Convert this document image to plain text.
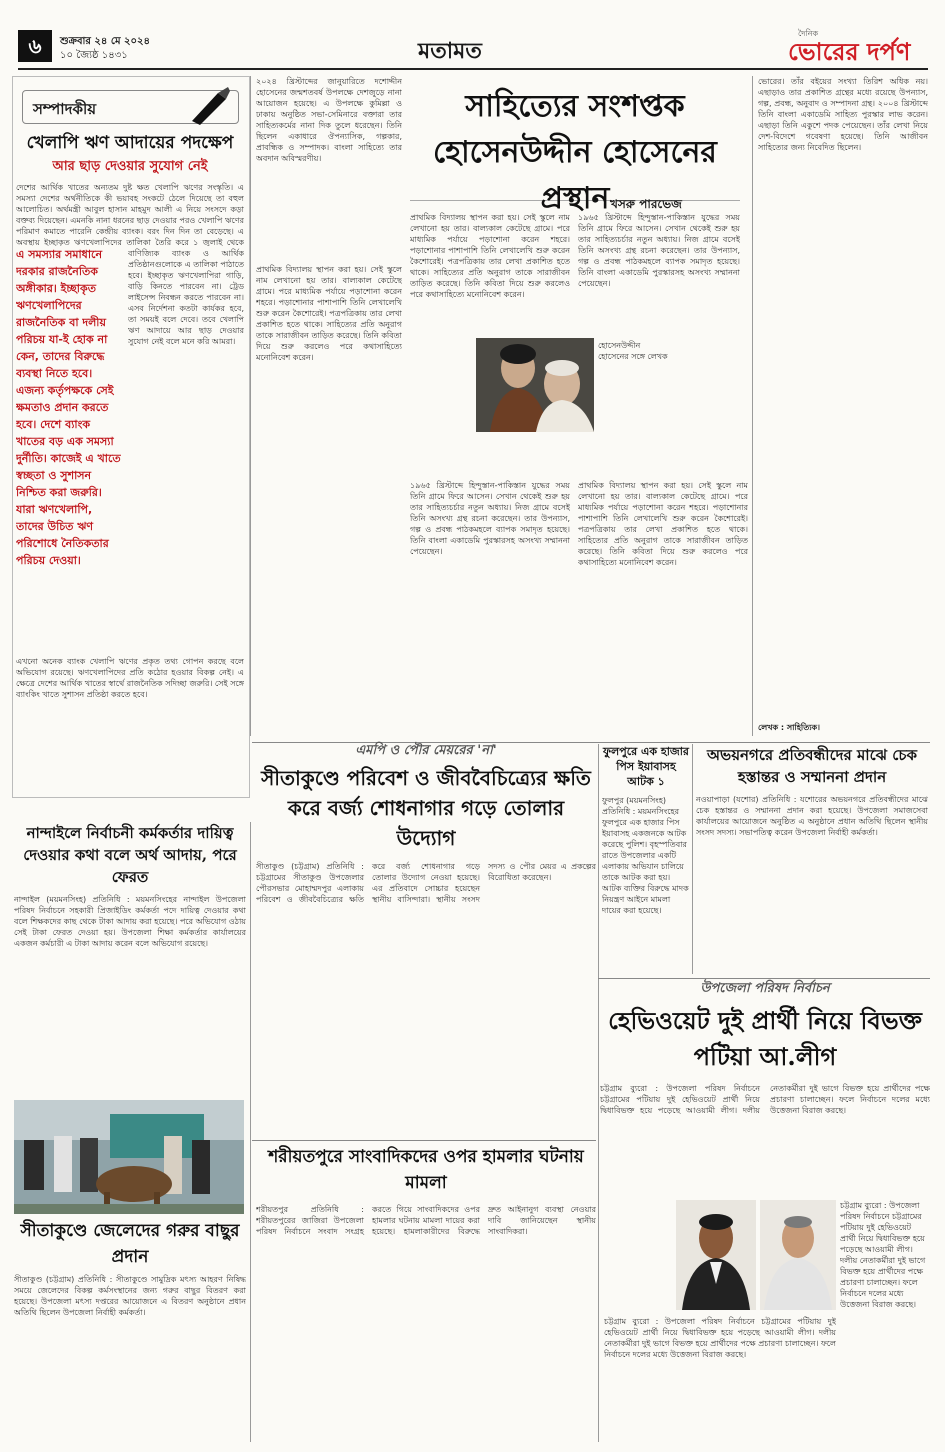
৬	শুক্রবার ২৪ মে ২০২৪
১০ জ্যৈষ্ঠ ১৪৩১	মতামত
দৈনিক
ভোরের দর্পণ
সম্পাদকীয়
খেলাপি ঋণ আদায়ের পদক্ষেপ
আর ছাড় দেওয়ার সুযোগ নেই
দেশের আর্থিক খাতের অন্যতম দুষ্ট ক্ষত খেলাপি ঋণের সংস্কৃতি। এ সমস্যা দেশের অর্থনীতিকে কী ভয়াবহ সংকটে ঠেলে দিয়েছে তা বহুল আলোচিত। অর্থমন্ত্রী আবুল হাসান মাহমুদ আলী এ নিয়ে সংসদে কড়া বক্তব্য দিয়েছেন। এমনকি নানা ধরনের ছাড় দেওয়ার পরও খেলাপি ঋণের পরিমাণ কমাতে পারেনি কেন্দ্রীয় ব্যাংক। বরং দিন দিন তা বেড়েছে। এ অবস্থায় ইচ্ছাকৃত ঋণখেলাপিদের তালিকা তৈরি করে ১ জুলাই থেকে
এ সমস্যার সমাধানে দরকার রাজনৈতিক অঙ্গীকার। ইচ্ছাকৃত ঋণখেলাপিদের রাজনৈতিক বা দলীয় পরিচয় যা-ই হোক না কেন, তাদের বিরুদ্ধে ব্যবস্থা নিতে হবে। এজন্য কর্তৃপক্ষকে সেই ক্ষমতাও প্রদান করতে হবে। দেশে ব্যাংক খাতের বড় এক সমস্যা দুর্নীতি। কাজেই এ খাতে স্বচ্ছতা ও সুশাসন নিশ্চিত করা জরুরি। যারা ঋণখেলাপি, তাদের উচিত ঋণ পরিশোধে নৈতিকতার পরিচয় দেওয়া।
বাণিজ্যিক ব্যাংক ও আর্থিক প্রতিষ্ঠানগুলোকে এ তালিকা পাঠাতে হবে। ইচ্ছাকৃত ঋণখেলাপিরা গাড়ি, বাড়ি কিনতে পারবেন না। ট্রেড লাইসেন্স নিবন্ধন করতে পারবেন না। এসব নির্দেশনা কতটা কার্যকর হবে, তা সময়ই বলে দেবে। তবে খেলাপি ঋণ আদায়ে আর ছাড় দেওয়ার সুযোগ নেই বলে মনে করি আমরা।
এখনো অনেক ব্যাংক খেলাপি ঋণের প্রকৃত তথ্য গোপন করছে বলে অভিযোগ রয়েছে। ঋণখেলাপিদের প্রতি কঠোর হওয়ার বিকল্প নেই। এ ক্ষেত্রে দেশের আর্থিক খাতের স্বার্থে রাজনৈতিক সদিচ্ছা জরুরি। সেই সঙ্গে ব্যাংকিং খাতে সুশাসন প্রতিষ্ঠা করতে হবে।
২০২৪ খ্রিস্টাব্দের জানুয়ারিতে দশোদ্দীন হোসেনের জন্মশতবর্ষ উপলক্ষে দেশজুড়ে নানা আয়োজন হয়েছে। এ উপলক্ষে কুমিল্লা ও ঢাকায় অনুষ্ঠিত সভা-সেমিনারে বক্তারা তার সাহিত্যকর্মের নানা দিক তুলে ধরেছেন। তিনি ছিলেন একাধারে ঔপন্যাসিক, গল্পকার, প্রাবন্ধিক ও সম্পাদক। বাংলা সাহিত্যে তার অবদান অবিস্মরণীয়।
সাহিত্যের সংশপ্তক হোসেনউদ্দীন হোসেনের প্রস্থান খসরু পারভেজ
প্রাথমিক বিদ্যালয় স্থাপন করা হয়। সেই স্কুলে নাম লেখানো হয় তার। বাল্যকাল কেটেছে গ্রামে। পরে মাধ্যমিক পর্যায়ে পড়াশোনা করেন শহরে। পড়াশোনার পাশাপাশি তিনি লেখালেখি শুরু করেন কৈশোরেই। পত্রপত্রিকায় তার লেখা প্রকাশিত হতে থাকে। সাহিত্যের প্রতি অনুরাগ তাকে সারাজীবন তাড়িত করেছে। তিনি কবিতা দিয়ে শুরু করলেও পরে কথাসাহিত্যে মনোনিবেশ করেন।
প্রাথমিক বিদ্যালয় স্থাপন করা হয়। সেই স্কুলে নাম লেখানো হয় তার। বাল্যকাল কেটেছে গ্রামে। পরে মাধ্যমিক পর্যায়ে পড়াশোনা করেন শহরে। পড়াশোনার পাশাপাশি তিনি লেখালেখি শুরু করেন কৈশোরেই। পত্রপত্রিকায় তার লেখা প্রকাশিত হতে থাকে। সাহিত্যের প্রতি অনুরাগ তাকে সারাজীবন তাড়িত করেছে। তিনি কবিতা দিয়ে শুরু করলেও পরে কথাসাহিত্যে মনোনিবেশ করেন।
১৯৬৫ খ্রিস্টাব্দে হিন্দুস্তান-পাকিস্তান যুদ্ধের সময় তিনি গ্রামে ফিরে আসেন। সেখান থেকেই শুরু হয় তার সাহিত্যচর্চার নতুন অধ্যায়। নিজ গ্রামে বসেই তিনি অসংখ্য গ্রন্থ রচনা করেছেন। তার উপন্যাস, গল্প ও প্রবন্ধ পাঠকমহলে ব্যাপক সমাদৃত হয়েছে। তিনি বাংলা একাডেমি পুরস্কারসহ অসংখ্য সম্মাননা পেয়েছেন।
হোসেনউদ্দীন হোসেনের সঙ্গে লেখক
১৯৬৫ খ্রিস্টাব্দে হিন্দুস্তান-পাকিস্তান যুদ্ধের সময় তিনি গ্রামে ফিরে আসেন। সেখান থেকেই শুরু হয় তার সাহিত্যচর্চার নতুন অধ্যায়। নিজ গ্রামে বসেই তিনি অসংখ্য গ্রন্থ রচনা করেছেন। তার উপন্যাস, গল্প ও প্রবন্ধ পাঠকমহলে ব্যাপক সমাদৃত হয়েছে। তিনি বাংলা একাডেমি পুরস্কারসহ অসংখ্য সম্মাননা পেয়েছেন।
প্রাথমিক বিদ্যালয় স্থাপন করা হয়। সেই স্কুলে নাম লেখানো হয় তার। বাল্যকাল কেটেছে গ্রামে। পরে মাধ্যমিক পর্যায়ে পড়াশোনা করেন শহরে। পড়াশোনার পাশাপাশি তিনি লেখালেখি শুরু করেন কৈশোরেই। পত্রপত্রিকায় তার লেখা প্রকাশিত হতে থাকে। সাহিত্যের প্রতি অনুরাগ তাকে সারাজীবন তাড়িত করেছে। তিনি কবিতা দিয়ে শুরু করলেও পরে কথাসাহিত্যে মনোনিবেশ করেন।
ভোরের। তাঁর বইয়ের সংখ্যা তিরিশ অধিক নয়। এছাড়াও তার প্রকাশিত গ্রন্থের মধ্যে রয়েছে উপন্যাস, গল্প, প্রবন্ধ, অনুবাদ ও সম্পাদনা গ্রন্থ। ২০০৪ খ্রিস্টাব্দে তিনি বাংলা একাডেমি সাহিত্য পুরস্কার লাভ করেন। এছাড়া তিনি একুশে পদক পেয়েছেন। তাঁর লেখা নিয়ে দেশ-বিদেশে গবেষণা হয়েছে। তিনি আজীবন সাহিত্যের জন্য নিবেদিত ছিলেন।
লেখক : সাহিত্যিক।
নান্দাইলে নির্বাচনী কর্মকর্তার দায়িত্ব দেওয়ার কথা বলে অর্থ আদায়, পরে ফেরত
নান্দাইল (ময়মনসিংহ) প্রতিনিধি : ময়মনসিংহের নান্দাইল উপজেলা পরিষদ নির্বাচনে সহকারী প্রিজাইডিং কর্মকর্তা পদে দায়িত্ব দেওয়ার কথা বলে শিক্ষকদের কাছ থেকে টাকা আদায় করা হয়েছে। পরে অভিযোগ ওঠায় সেই টাকা ফেরত দেওয়া হয়। উপজেলা শিক্ষা কর্মকর্তার কার্যালয়ের একজন কর্মচারী এ টাকা আদায় করেন বলে অভিযোগ রয়েছে।
সীতাকুণ্ডে জেলেদের গরুর বাছুর প্রদান
সীতাকুণ্ড (চট্টগ্রাম) প্রতিনিধি : সীতাকুণ্ডে সামুদ্রিক মৎস্য আহরণ নিষিদ্ধ সময়ে জেলেদের বিকল্প কর্মসংস্থানের জন্য গরুর বাছুর বিতরণ করা হয়েছে। উপজেলা মৎস্য দপ্তরের আয়োজনে এ বিতরণ অনুষ্ঠানে প্রধান অতিথি ছিলেন উপজেলা নির্বাহী কর্মকর্তা।
এমপি ও পৌর মেয়রের 'না'
সীতাকুণ্ডে পরিবেশ ও জীববৈচিত্র্যের ক্ষতি করে বর্জ্য শোধনাগার গড়ে তোলার উদ্যোগ
সীতাকুণ্ড (চট্টগ্রাম) প্রতিনিধি : চট্টগ্রামের সীতাকুণ্ড উপজেলার পৌরসভার মোহাম্মদপুর এলাকায় পরিবেশ ও জীববৈচিত্র্যের ক্ষতি করে বর্জ্য শোধনাগার গড়ে তোলার উদ্যোগ নেওয়া হয়েছে। এর প্রতিবাদে সোচ্চার হয়েছেন স্থানীয় বাসিন্দারা। স্থানীয় সংসদ সদস্য ও পৌর মেয়র এ প্রকল্পের বিরোধিতা করেছেন।
ফুলপুরে এক হাজার পিস ইয়াবাসহ আটক ১
ফুলপুর (ময়মনসিংহ) প্রতিনিধি : ময়মনসিংহের ফুলপুরে এক হাজার পিস ইয়াবাসহ একজনকে আটক করেছে পুলিশ। বৃহস্পতিবার রাতে উপজেলার একটি এলাকায় অভিযান চালিয়ে তাকে আটক করা হয়। আটক ব্যক্তির বিরুদ্ধে মাদক নিয়ন্ত্রণ আইনে মামলা দায়ের করা হয়েছে।
অভয়নগরে প্রতিবন্ধীদের মাঝে চেক হস্তান্তর ও সম্মাননা প্রদান
নওয়াপাড়া (যশোর) প্রতিনিধি : যশোরের অভয়নগরে প্রতিবন্ধীদের মাঝে চেক হস্তান্তর ও সম্মাননা প্রদান করা হয়েছে। উপজেলা সমাজসেবা কার্যালয়ের আয়োজনে অনুষ্ঠিত এ অনুষ্ঠানে প্রধান অতিথি ছিলেন স্থানীয় সংসদ সদস্য। সভাপতিত্ব করেন উপজেলা নির্বাহী কর্মকর্তা।
উপজেলা পরিষদ নির্বাচন
হেভিওয়েট দুই প্রার্থী নিয়ে বিভক্ত পটিয়া আ.লীগ
চট্টগ্রাম ব্যুরো : উপজেলা পরিষদ নির্বাচনে চট্টগ্রামের পটিয়ায় দুই হেভিওয়েট প্রার্থী নিয়ে দ্বিধাবিভক্ত হয়ে পড়েছে আওয়ামী লীগ। দলীয় নেতাকর্মীরা দুই ভাগে বিভক্ত হয়ে প্রার্থীদের পক্ষে প্রচারণা চালাচ্ছেন। ফলে নির্বাচনে দলের মধ্যে উত্তেজনা বিরাজ করছে।
চট্টগ্রাম ব্যুরো : উপজেলা পরিষদ নির্বাচনে চট্টগ্রামের পটিয়ায় দুই হেভিওয়েট প্রার্থী নিয়ে দ্বিধাবিভক্ত হয়ে পড়েছে আওয়ামী লীগ। দলীয় নেতাকর্মীরা দুই ভাগে বিভক্ত হয়ে প্রার্থীদের পক্ষে প্রচারণা চালাচ্ছেন। ফলে নির্বাচনে দলের মধ্যে উত্তেজনা বিরাজ করছে।
চট্টগ্রাম ব্যুরো : উপজেলা পরিষদ নির্বাচনে চট্টগ্রামের পটিয়ায় দুই হেভিওয়েট প্রার্থী নিয়ে দ্বিধাবিভক্ত হয়ে পড়েছে আওয়ামী লীগ। দলীয় নেতাকর্মীরা দুই ভাগে বিভক্ত হয়ে প্রার্থীদের পক্ষে প্রচারণা চালাচ্ছেন। ফলে নির্বাচনে দলের মধ্যে উত্তেজনা বিরাজ করছে।
শরীয়তপুরে সাংবাদিকদের ওপর হামলার ঘটনায় মামলা
শরীয়তপুর প্রতিনিধি : শরীয়তপুরের জাজিরা উপজেলা পরিষদ নির্বাচনে সংবাদ সংগ্রহ করতে গিয়ে সাংবাদিকদের ওপর হামলার ঘটনায় মামলা দায়ের করা হয়েছে। হামলাকারীদের বিরুদ্ধে দ্রুত আইনানুগ ব্যবস্থা নেওয়ার দাবি জানিয়েছেন স্থানীয় সাংবাদিকরা।
